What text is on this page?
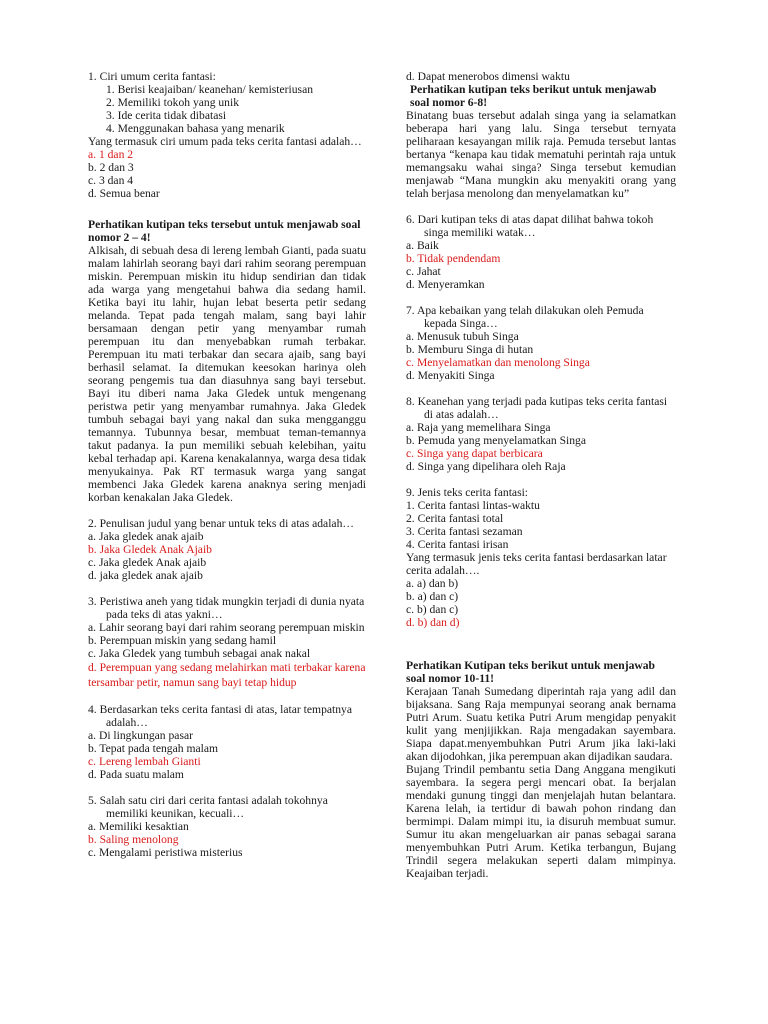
1. Ciri umum cerita fantasi:
1. Berisi keajaiban/ keanehan/ kemisteriusan
2. Memiliki tokoh yang unik
3. Ide cerita tidak dibatasi
4. Menggunakan bahasa yang menarik
Yang termasuk ciri umum pada teks cerita fantasi adalah…
a. 1 dan 2
b. 2 dan 3
c. 3 dan 4
d. Semua benar
Perhatikan kutipan teks tersebut untuk menjawab soal nomor 2 – 4!
Alkisah, di sebuah desa di lereng lembah Gianti, pada suatu malam lahirlah seorang bayi dari rahim seorang perempuan miskin. Perempuan miskin itu hidup sendirian dan tidak ada warga yang mengetahui bahwa dia sedang hamil. Ketika bayi itu lahir, hujan lebat beserta petir sedang melanda. Tepat pada tengah malam, sang bayi lahir bersamaan dengan petir yang menyambar rumah perempuan itu dan menyebabkan rumah terbakar. Perempuan itu mati terbakar dan secara ajaib, sang bayi berhasil selamat. Ia ditemukan keesokan harinya oleh seorang pengemis tua dan diasuhnya sang bayi tersebut. Bayi itu diberi nama Jaka Gledek untuk mengenang peristwa petir yang menyambar rumahnya. Jaka Gledek tumbuh sebagai bayi yang nakal dan suka mengganggu temannya. Tubunnya besar, membuat teman-temannya takut padanya. Ia pun memiliki sebuah kelebihan, yaitu kebal terhadap api. Karena kenakalannya, warga desa tidak menyukainya. Pak RT termasuk warga yang sangat membenci Jaka Gledek karena anaknya sering menjadi korban kenakalan Jaka Gledek.
2. Penulisan judul yang benar untuk teks di atas adalah…
a. Jaka gledek anak ajaib
b. Jaka Gledek Anak Ajaib
c. Jaka gledek Anak ajaib
d. jaka gledek anak ajaib
3. Peristiwa aneh yang tidak mungkin terjadi di dunia nyata pada teks di atas yakni…
a. Lahir seorang bayi dari rahim seorang perempuan miskin
b. Perempuan miskin yang sedang hamil
c. Jaka Gledek yang tumbuh sebagai anak nakal
d. Perempuan yang sedang melahirkan mati terbakar karena tersambar petir, namun sang bayi tetap hidup
4. Berdasarkan teks cerita fantasi di atas, latar tempatnya adalah…
a. Di lingkungan pasar
b. Tepat pada tengah malam
c. Lereng lembah Gianti
d. Pada suatu malam
5. Salah satu ciri dari cerita fantasi adalah tokohnya memiliki keunikan, kecuali…
a. Memiliki kesaktian
b. Saling menolong
c. Mengalami peristiwa misterius
d. Dapat menerobos dimensi waktu
Perhatikan kutipan teks berikut untuk menjawab soal nomor 6-8!
Binatang buas tersebut adalah singa yang ia selamatkan beberapa hari yang lalu. Singa tersebut ternyata peliharaan kesayangan milik raja. Pemuda tersebut lantas bertanya “kenapa kau tidak mematuhi perintah raja untuk memangsaku wahai singa? Singa tersebut kemudian menjawab “Mana mungkin aku menyakiti orang yang telah berjasa menolong dan menyelamatkan ku”
6. Dari kutipan teks di atas dapat dilihat bahwa tokoh singa memiliki watak…
a. Baik
b. Tidak pendendam
c. Jahat
d. Menyeramkan
7. Apa kebaikan yang telah dilakukan oleh Pemuda kepada Singa…
a. Menusuk tubuh Singa
b. Memburu Singa di hutan
c. Menyelamatkan dan menolong Singa
d. Menyakiti Singa
8. Keanehan yang terjadi pada kutipas teks cerita fantasi di atas adalah…
a. Raja yang memelihara Singa
b. Pemuda yang menyelamatkan Singa
c. Singa yang dapat berbicara
d. Singa yang dipelihara oleh Raja
9. Jenis teks cerita fantasi:
1. Cerita fantasi lintas-waktu
2. Cerita fantasi total
3. Cerita fantasi sezaman
4. Cerita fantasi irisan
Yang termasuk jenis teks cerita fantasi berdasarkan latar cerita adalah….
a. a) dan b)
b. a) dan c)
c. b) dan c)
d. b) dan d)
Perhatikan Kutipan teks berikut untuk menjawab soal nomor 10-11!
Kerajaan Tanah Sumedang diperintah raja yang adil dan bijaksana. Sang Raja mempunyai seorang anak bernama Putri Arum. Suatu ketika Putri Arum mengidap penyakit kulit yang menjijikkan. Raja mengadakan sayembara. Siapa dapat.menyembuhkan Putri Arum jika laki-laki akan dijodohkan, jika perempuan akan dijadikan saudara.
Bujang Trindil pembantu setia Dang Anggana mengikuti sayembara. Ia segera pergi mencari obat. Ia berjalan mendaki gunung tinggi dan menjelajah hutan belantara. Karena lelah, ia tertidur di bawah pohon rindang dan bermimpi. Dalam mimpi itu, ia disuruh membuat sumur. Sumur itu akan mengeluarkan air panas sebagai sarana menyembuhkan Putri Arum. Ketika terbangun, Bujang Trindil segera melakukan seperti dalam mimpinya. Keajaiban terjadi.
